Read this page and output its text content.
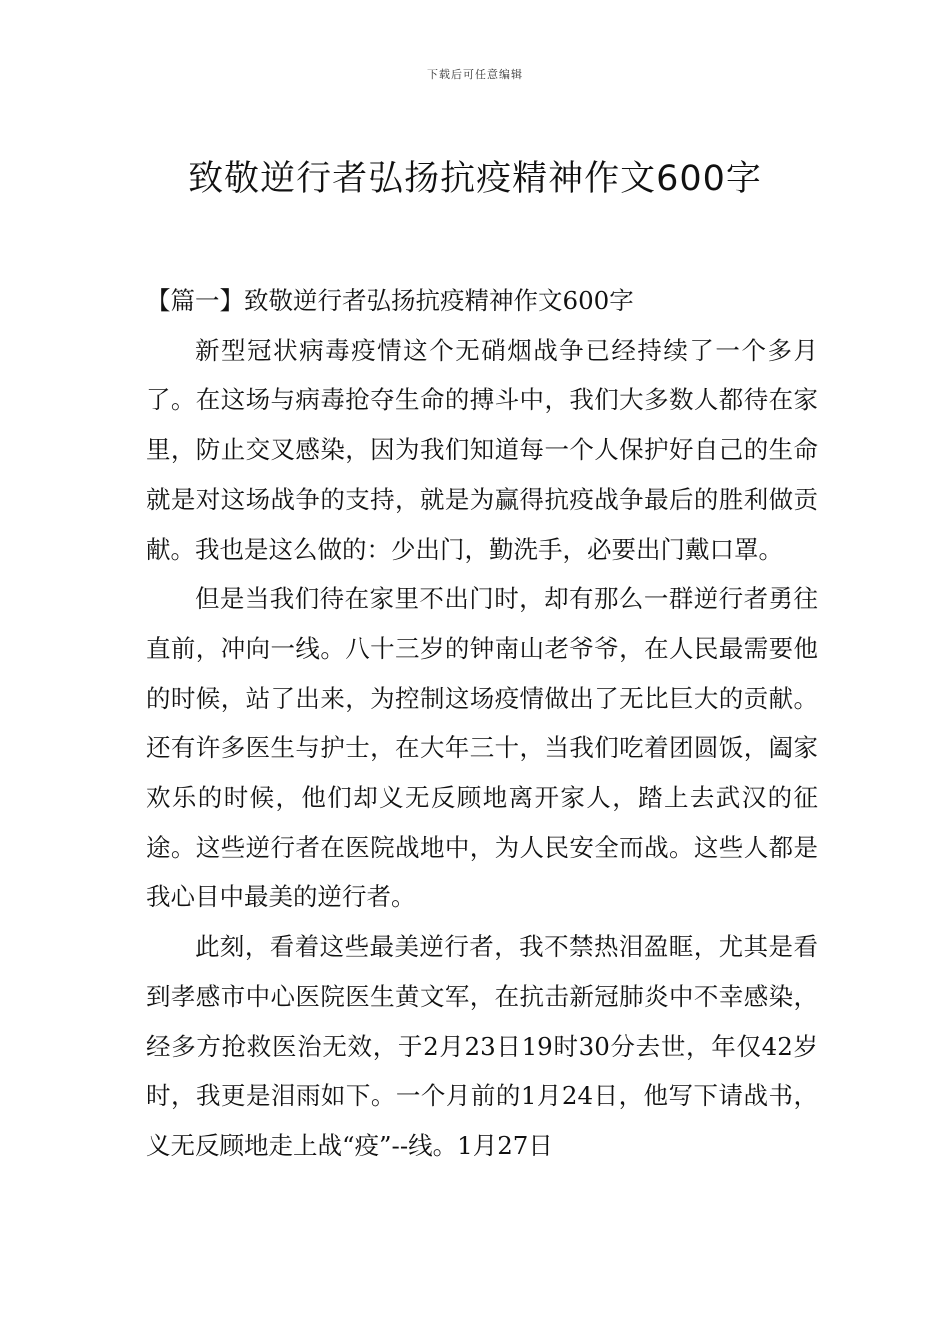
下载后可任意编辑
致敬逆行者弘扬抗疫精神作文600字

【篇一】致敬逆行者弘扬抗疫精神作文600字

新型冠状病毒疫情这个无硝烟战争已经持续了一个多月了。在这场与病毒抢夺生命的搏斗中，我们大多数人都待在家里，防止交叉感染，因为我们知道每一个人保护好自己的生命就是对这场战争的支持，就是为赢得抗疫战争最后的胜利做贡献。我也是这么做的：少出门，勤洗手，必要出门戴口罩。

但是当我们待在家里不出门时，却有那么一群逆行者勇往直前，冲向一线。八十三岁的钟南山老爷爷，在人民最需要他的时候，站了出来，为控制这场疫情做出了无比巨大的贡献。还有许多医生与护士，在大年三十，当我们吃着团圆饭，阖家欢乐的时候，他们却义无反顾地离开家人，踏上去武汉的征途。这些逆行者在医院战地中，为人民安全而战。这些人都是我心目中最美的逆行者。

此刻，看着这些最美逆行者，我不禁热泪盈眶，尤其是看到孝感市中心医院医生黄文军，在抗击新冠肺炎中不幸感染，经多方抢救医治无效，于2月23日19时30分去世，年仅42岁时，我更是泪雨如下。一个月前的1月24日，他写下请战书，义无反顾地走上战“疫”--线。1月27日
